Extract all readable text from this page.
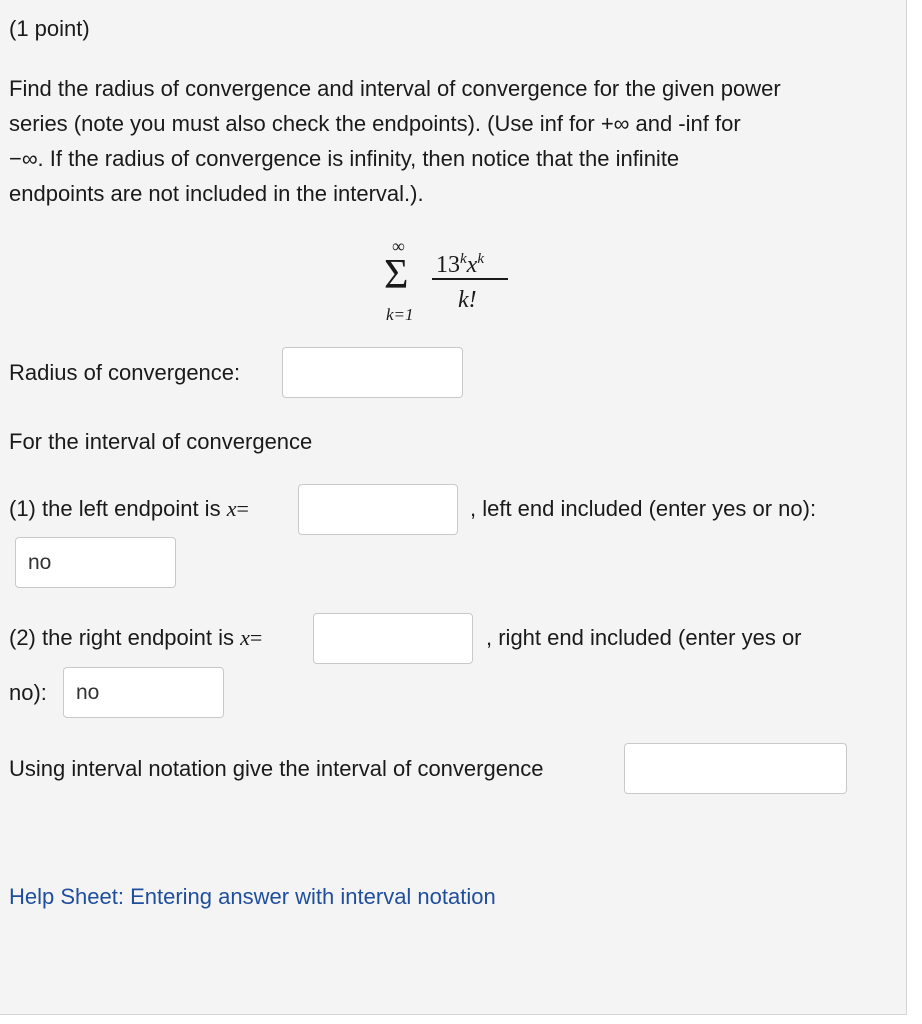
(1 point)
Find the radius of convergence and interval of convergence for the given power
series (note you must also check the endpoints). (Use inf for +∞ and -inf for
−∞. If the radius of convergence is infinity, then notice that the infinite
endpoints are not included in the interval.).
∞
Σ
k=1
$13^kx^k$
k!
Radius of convergence:
For the interval of convergence
(1) the left endpoint is x=	, left end included (enter yes or no):
no
(2) the right endpoint is x=	, right end included (enter yes or
no):
no
Using interval notation give the interval of convergence
Help Sheet: Entering answer with interval notation
